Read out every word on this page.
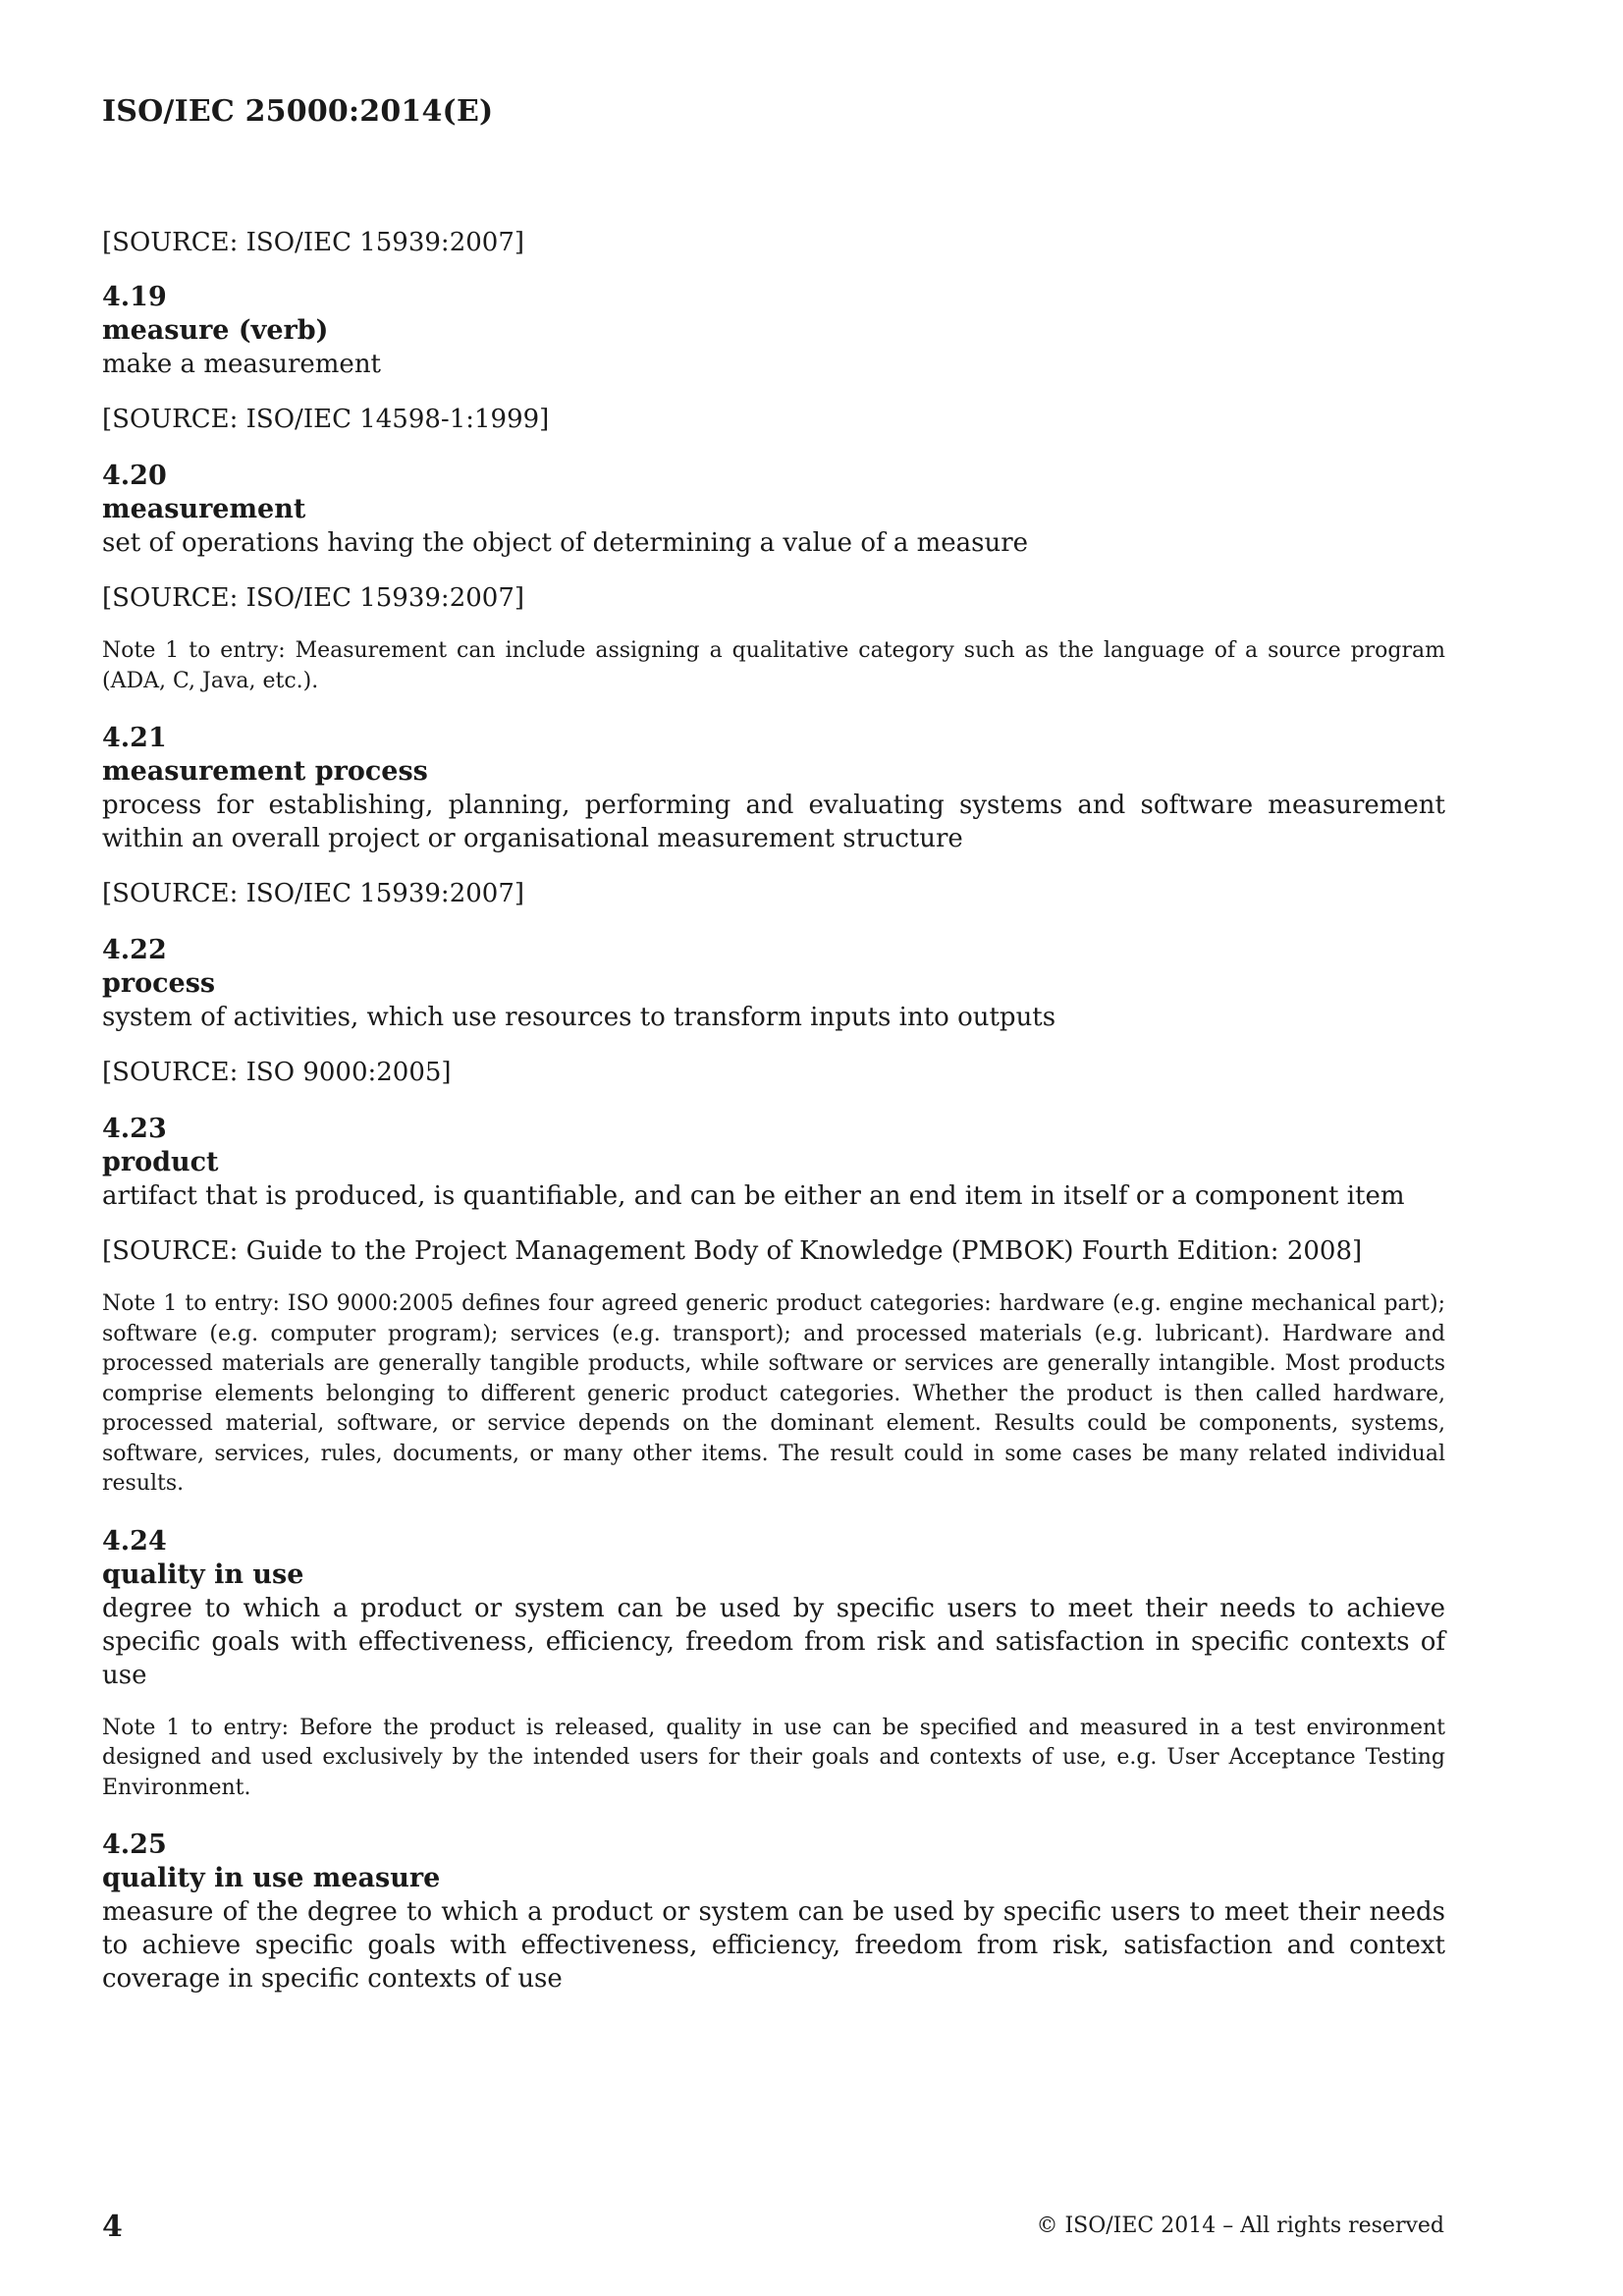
ISO/IEC 25000:2014(E)

[SOURCE: ISO/IEC 15939:2007]

4.19

measure (verb)

make a measurement

[SOURCE: ISO/IEC 14598-1:1999]

4.20

measurement

set of operations having the object of determining a value of a measure

[SOURCE: ISO/IEC 15939:2007]

Note 1 to entry: Measurement can include assigning a qualitative category such as the language of a source program (ADA, C, Java, etc.).

4.21

measurement process

process for establishing, planning, performing and evaluating systems and software measurement within an overall project or organisational measurement structure

[SOURCE: ISO/IEC 15939:2007]

4.22

process

system of activities, which use resources to transform inputs into outputs

[SOURCE: ISO 9000:2005]

4.23

product

artifact that is produced, is quantifiable, and can be either an end item in itself or a component item

[SOURCE: Guide to the Project Management Body of Knowledge (PMBOK) Fourth Edition: 2008]

Note 1 to entry: ISO 9000:2005 defines four agreed generic product categories: hardware (e.g. engine mechanical part); software (e.g. computer program); services (e.g. transport); and processed materials (e.g. lubricant). Hardware and processed materials are generally tangible products, while software or services are generally intangible. Most products comprise elements belonging to different generic product categories. Whether the product is then called hardware, processed material, software, or service depends on the dominant element. Results could be components, systems, software, services, rules, documents, or many other items. The result could in some cases be many related individual results.

4.24

quality in use

degree to which a product or system can be used by specific users to meet their needs to achieve specific goals with effectiveness, efficiency, freedom from risk and satisfaction in specific contexts of use

Note 1 to entry: Before the product is released, quality in use can be specified and measured in a test environment designed and used exclusively by the intended users for their goals and contexts of use, e.g. User Acceptance Testing Environment.

4.25

quality in use measure

measure of the degree to which a product or system can be used by specific users to meet their needs to achieve specific goals with effectiveness, efficiency, freedom from risk, satisfaction and context coverage in specific contexts of use

4	© ISO/IEC 2014 – All rights reserved
